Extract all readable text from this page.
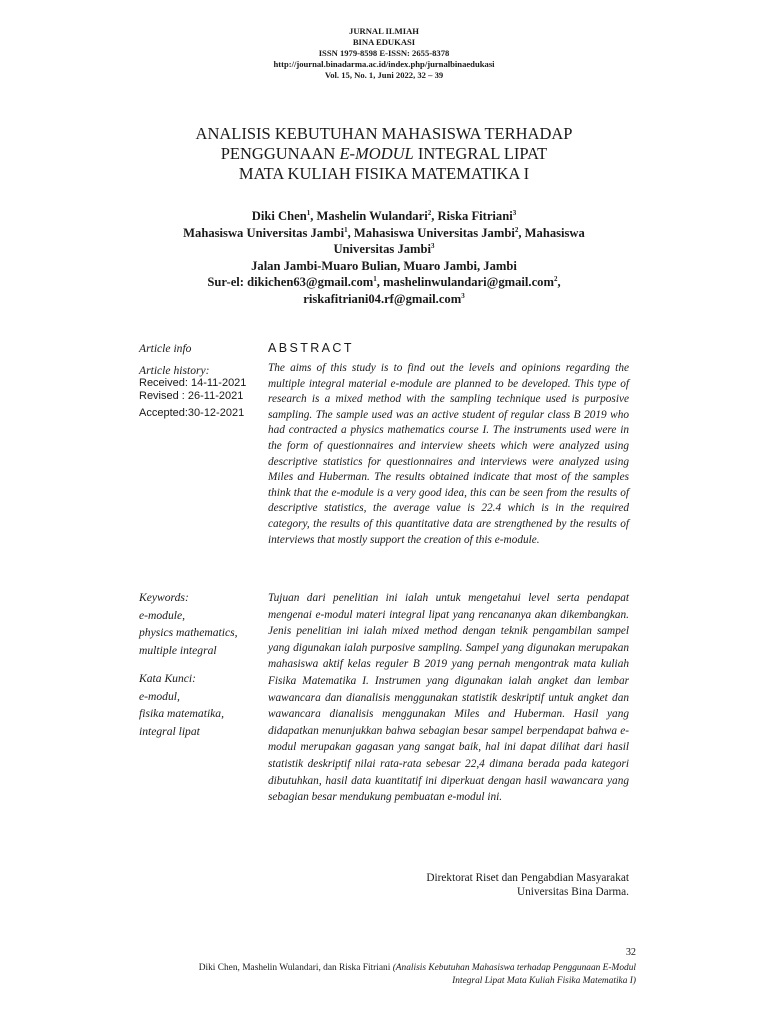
JURNAL ILMIAH
BINA EDUKASI
ISSN 1979-8598 E-ISSN: 2655-8378
http://journal.binadarma.ac.id/index.php/jurnalbinaedukasi
Vol. 15, No. 1, Juni 2022, 32 – 39
ANALISIS KEBUTUHAN MAHASISWA TERHADAP
PENGGUNAAN E-MODUL INTEGRAL LIPAT
MATA KULIAH FISIKA MATEMATIKA I
Diki Chen$^1$, Mashelin Wulandari$^2$, Riska Fitriani$^3$
Mahasiswa Universitas Jambi$^1$, Mahasiswa Universitas Jambi$^2$, Mahasiswa
Universitas Jambi$^3$
Jalan Jambi-Muaro Bulian, Muaro Jambi, Jambi
Sur-el: dikichen63@gmail.com$^1$, mashelinwulandari@gmail.com$^2$,
riskafitriani04.rf@gmail.com$^3$
Article info
Article history:
Received: 14-11-2021
Revised : 26-11-2021
Accepted:30-12-2021
Keywords:
e-module,
physics mathematics,
multiple integral
Kata Kunci:
e-modul,
fisika matematika,
integral lipat
ABSTRACT
The aims of this study is to find out the levels and opinions regarding the multiple integral material e-module are planned to be developed. This type of research is a mixed method with the sampling technique used is purposive sampling. The sample used was an active student of regular class B 2019 who had contracted a physics mathematics course I. The instruments used were in the form of questionnaires and interview sheets which were analyzed using descriptive statistics for questionnaires and interviews were analyzed using Miles and Huberman. The results obtained indicate that most of the samples think that the e-module is a very good idea, this can be seen from the results of descriptive statistics, the average value is 22.4 which is in the required category, the results of this quantitative data are strengthened by the results of interviews that mostly support the creation of this e-module.
Tujuan dari penelitian ini ialah untuk mengetahui level serta pendapat mengenai e-modul materi integral lipat yang rencananya akan dikembangkan. Jenis penelitian ini ialah mixed method dengan teknik pengambilan sampel yang digunakan ialah purposive sampling. Sampel yang digunakan merupakan mahasiswa aktif kelas reguler B 2019 yang pernah mengontrak mata kuliah Fisika Matematika I. Instrumen yang digunakan ialah angket dan lembar wawancara dan dianalisis menggunakan statistik deskriptif untuk angket dan wawancara dianalisis menggunakan Miles and Huberman. Hasil yang didapatkan menunjukkan bahwa sebagian besar sampel berpendapat bahwa e-modul merupakan gagasan yang sangat baik, hal ini dapat dilihat dari hasil statistik deskriptif nilai rata-rata sebesar 22,4 dimana berada pada kategori dibutuhkan, hasil data kuantitatif ini diperkuat dengan hasil wawancara yang sebagian besar mendukung pembuatan e-modul ini.
Direktorat Riset dan Pengabdian Masyarakat
Universitas Bina Darma.
32
Diki Chen, Mashelin Wulandari, dan Riska Fitriani (Analisis Kebutuhan Mahasiswa terhadap Penggunaan E-Modul
Integral Lipat Mata Kuliah Fisika Matematika I)
